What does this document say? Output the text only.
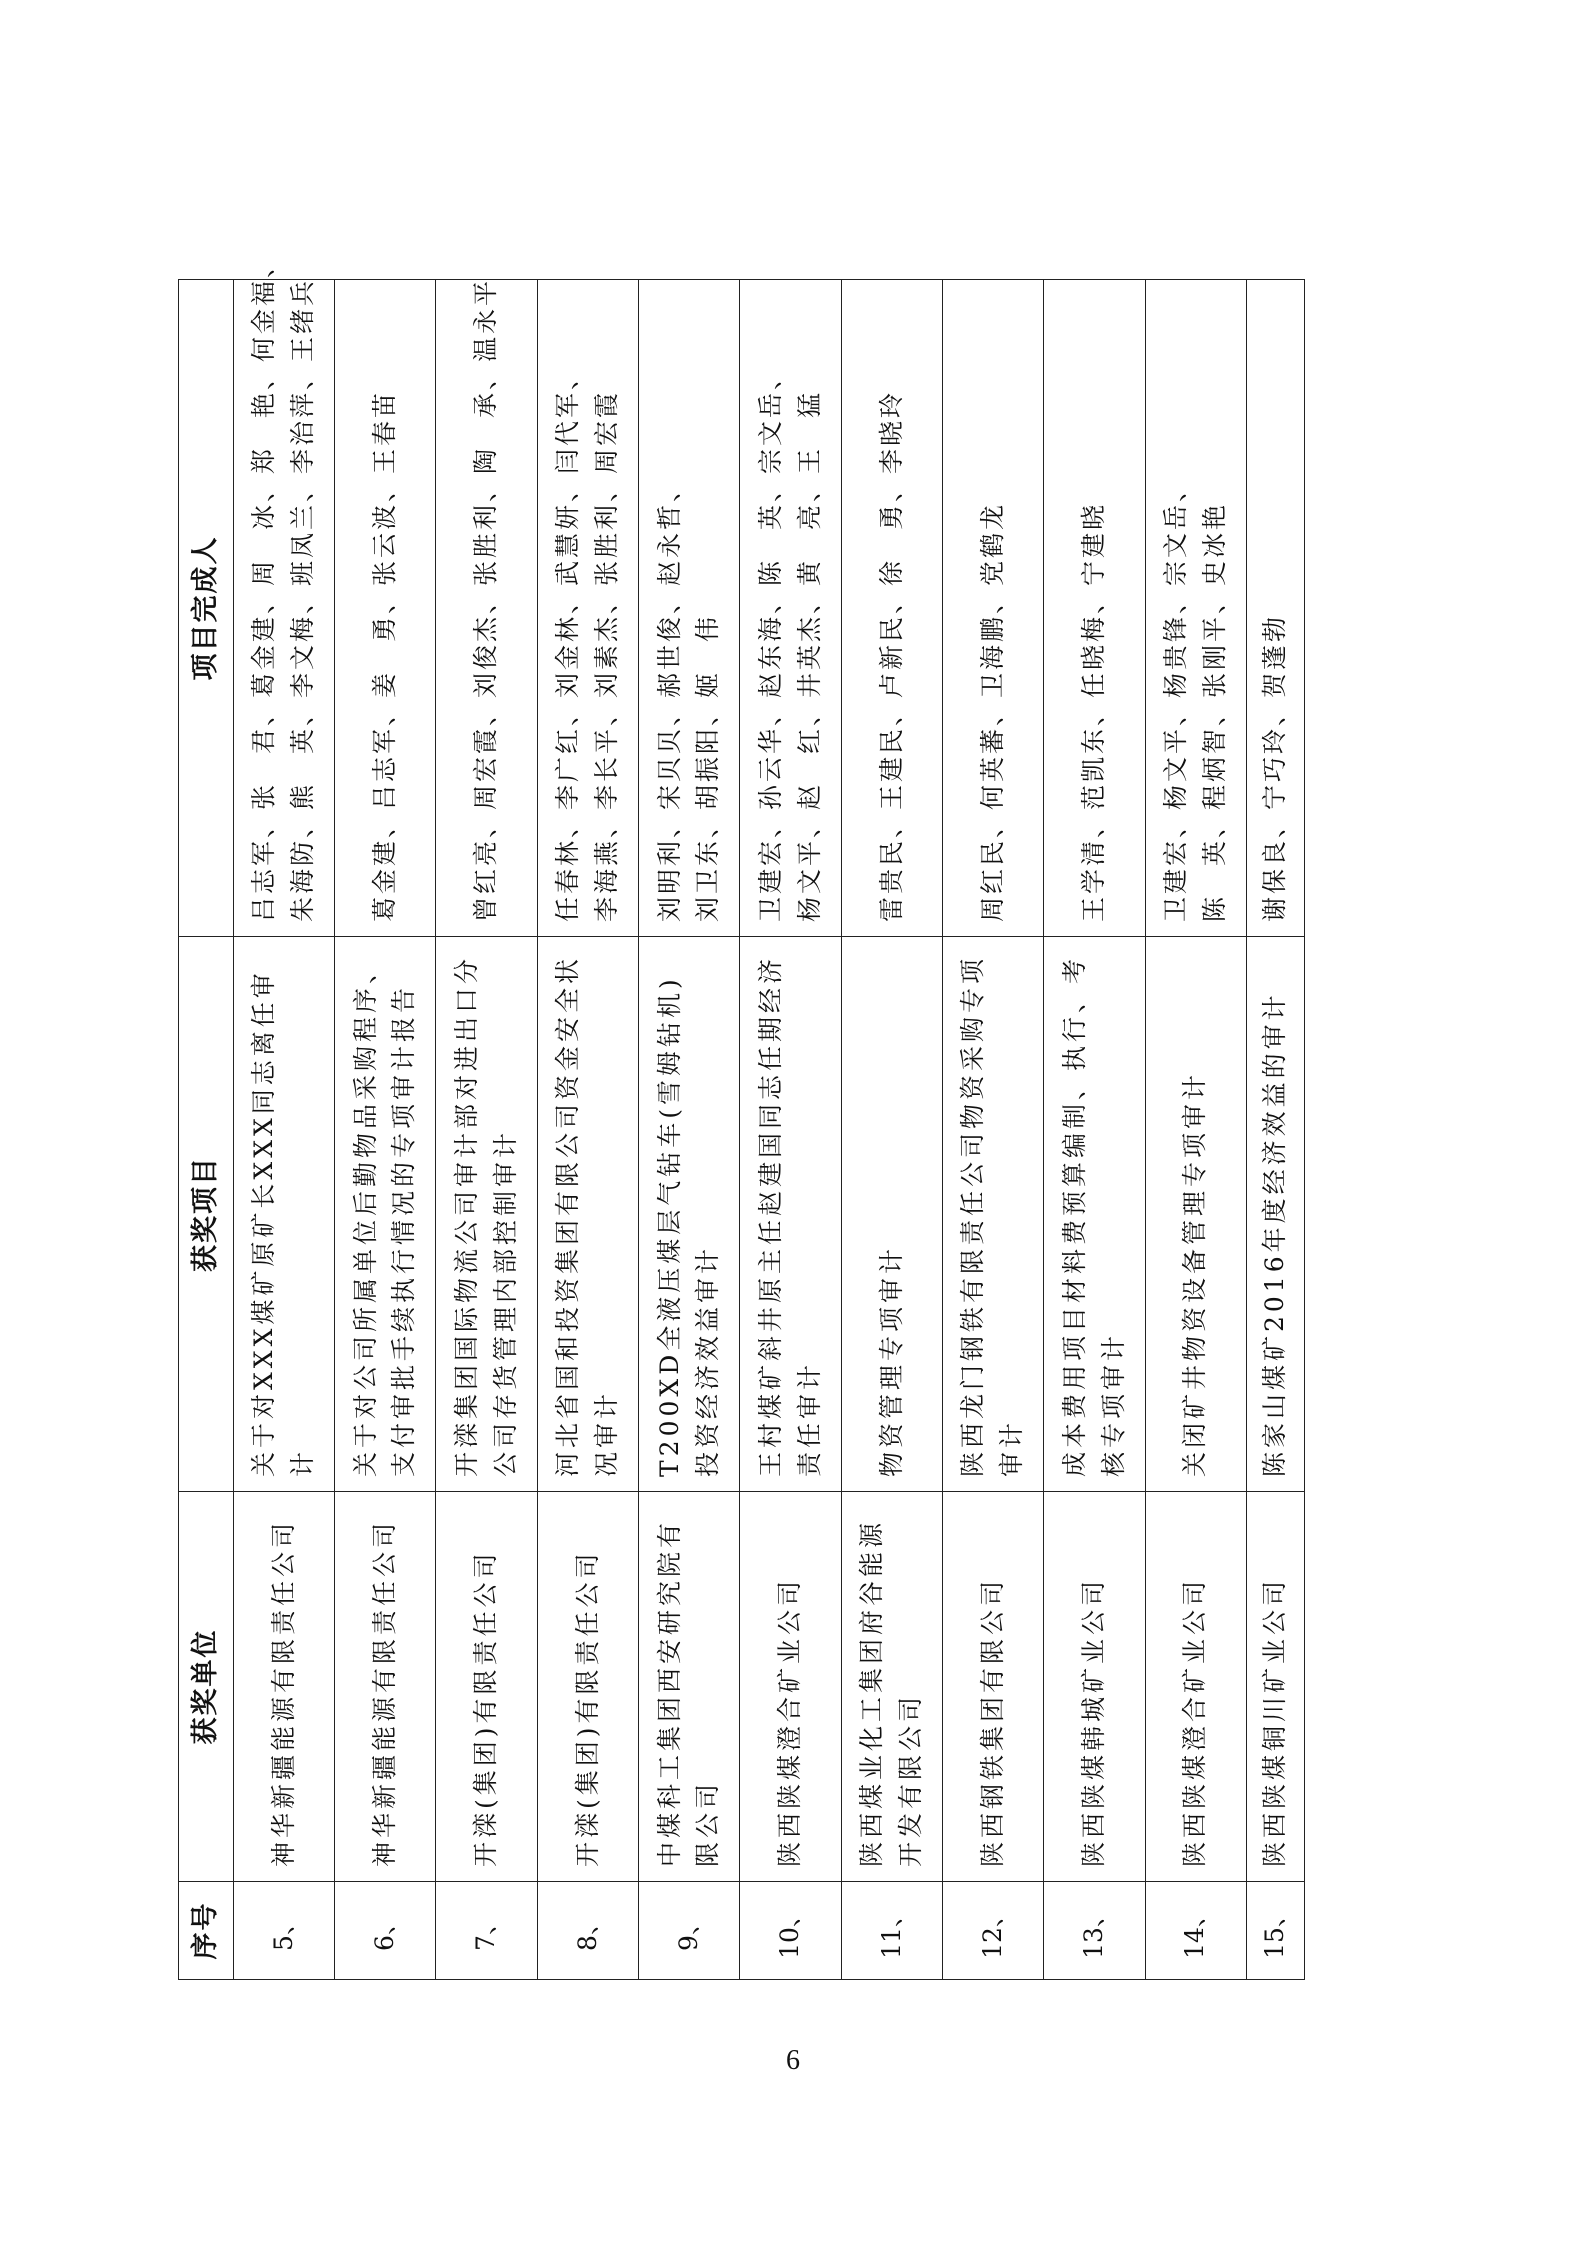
序号	获奖单位	获奖项目	项目完成人
5、	神华新疆能源有限责任公司	关于对XXX煤矿原矿长XXX同志离任审计	吕志军、张　君、葛金建、周　冰、郑　艳、何金福、 朱海防、熊　英、李文梅、班凤兰、李治萍、王绪兵

6、	神华新疆能源有限责任公司	关于对公司所属单位后勤物品采购程序、支付审批手续执行情况的专项审计报告	葛金建、吕志军、姜　勇、张云波、王春苗

7、	开滦(集团)有限责任公司	开滦集团国际物流公司审计部对进出口分公司存货管理内部控制审计	曾红亮、周宏霞、刘俊杰、张胜利、陶　承、温永平

8、	开滦(集团)有限责任公司	河北省国和投资集团有限公司资金安全状况审计	任春林、李广红、刘金林、武慧妍、闫代军、 李海燕、李长平、刘素杰、张胜利、周宏霞

9、	中煤科工集团西安研究院有限公司	T200XD全液压煤层气钻车(雪姆钻机)投资经济效益审计	刘明利、宋贝贝、郝世俊、赵永哲、 刘卫东、胡振阳、姬　伟

10、	陕西陕煤澄合矿业公司	王村煤矿斜井原主任赵建国同志任期经济责任审计	卫建宏、孙云华、赵东海、陈　英、宗文岳、 杨文平、赵　红、井英杰、黄　亮、王　猛

11、	陕西煤业化工集团府谷能源开发有限公司	物资管理专项审计	雷贵民、王建民、卢新民、徐　勇、李晓玲

12、	陕西钢铁集团有限公司	陕西龙门钢铁有限责任公司物资采购专项审计	周红民、何英蕃、卫海鹏、党鹤龙

13、	陕西陕煤韩城矿业公司	成本费用项目材料费预算编制、执行、考核专项审计	王学清、范凯东、任晓梅、宁建晓

14、	陕西陕煤澄合矿业公司	关闭矿井物资设备管理专项审计	卫建宏、杨文平、杨贵锋、宗文岳、 陈　英、程炳智、张刚平、史冰艳

15、	陕西陕煤铜川矿业公司	陈家山煤矿2016年度经济效益的审计	谢保良、宁巧玲、贺蓬勃
6
